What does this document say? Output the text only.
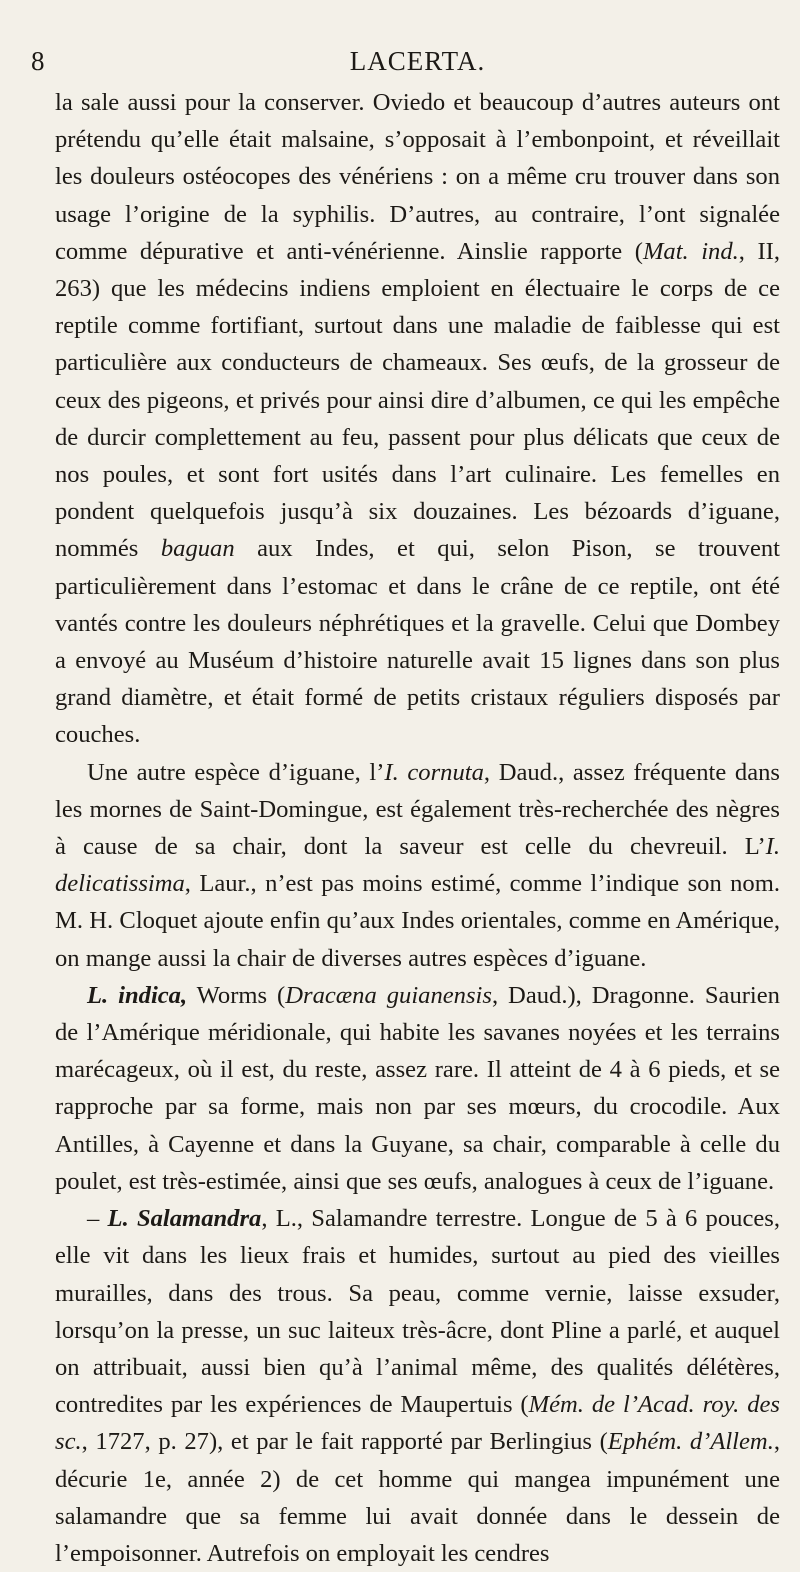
8	LACERTA.

la sale aussi pour la conserver. Oviedo et beaucoup d’autres auteurs ont prétendu qu’elle était malsaine, s’opposait à l’embonpoint, et réveillait les douleurs ostéocopes des vénériens : on a même cru trouver dans son usage l’origine de la syphilis. D’autres, au contraire, l’ont signalée comme dépurative et anti-vénérienne. Ainslie rapporte (Mat. ind., II, 263) que les médecins indiens emploient en électuaire le corps de ce reptile comme fortifiant, surtout dans une maladie de faiblesse qui est particulière aux conducteurs de chameaux. Ses œufs, de la grosseur de ceux des pigeons, et privés pour ainsi dire d’albumen, ce qui les empêche de durcir complettement au feu, passent pour plus délicats que ceux de nos poules, et sont fort usités dans l’art culinaire. Les femelles en pondent quelquefois jusqu’à six douzaines. Les bézoards d’iguane, nommés baguan aux Indes, et qui, selon Pison, se trouvent particulièrement dans l’estomac et dans le crâne de ce reptile, ont été vantés contre les douleurs néphrétiques et la gravelle. Celui que Dombey a envoyé au Muséum d’histoire naturelle avait 15 lignes dans son plus grand diamètre, et était formé de petits cristaux réguliers disposés par couches.

Une autre espèce d’iguane, l’I. cornuta, Daud., assez fréquente dans les mornes de Saint-Domingue, est également très-recherchée des nègres à cause de sa chair, dont la saveur est celle du chevreuil. L’I. delicatissima, Laur., n’est pas moins estimé, comme l’indique son nom. M. H. Cloquet ajoute enfin qu’aux Indes orientales, comme en Amérique, on mange aussi la chair de diverses autres espèces d’iguane.

L. indica, Worms (Dracæna guianensis, Daud.), Dragonne. Saurien de l’Amérique méridionale, qui habite les savanes noyées et les terrains marécageux, où il est, du reste, assez rare. Il atteint de 4 à 6 pieds, et se rapproche par sa forme, mais non par ses mœurs, du crocodile. Aux Antilles, à Cayenne et dans la Guyane, sa chair, comparable à celle du poulet, est très-estimée, ainsi que ses œufs, analogues à ceux de l’iguane.

– L. Salamandra, L., Salamandre terrestre. Longue de 5 à 6 pouces, elle vit dans les lieux frais et humides, surtout au pied des vieilles murailles, dans des trous. Sa peau, comme vernie, laisse exsuder, lorsqu’on la presse, un suc laiteux très-âcre, dont Pline a parlé, et auquel on attribuait, aussi bien qu’à l’animal même, des qualités délétères, contredites par les expériences de Maupertuis (Mém. de l’Acad. roy. des sc., 1727, p. 27), et par le fait rapporté par Berlingius (Ephém. d’Allem., décurie 1e, année 2) de cet homme qui mangea impunément une salamandre que sa femme lui avait donnée dans le dessein de l’empoisonner. Autrefois on employait les cendres
